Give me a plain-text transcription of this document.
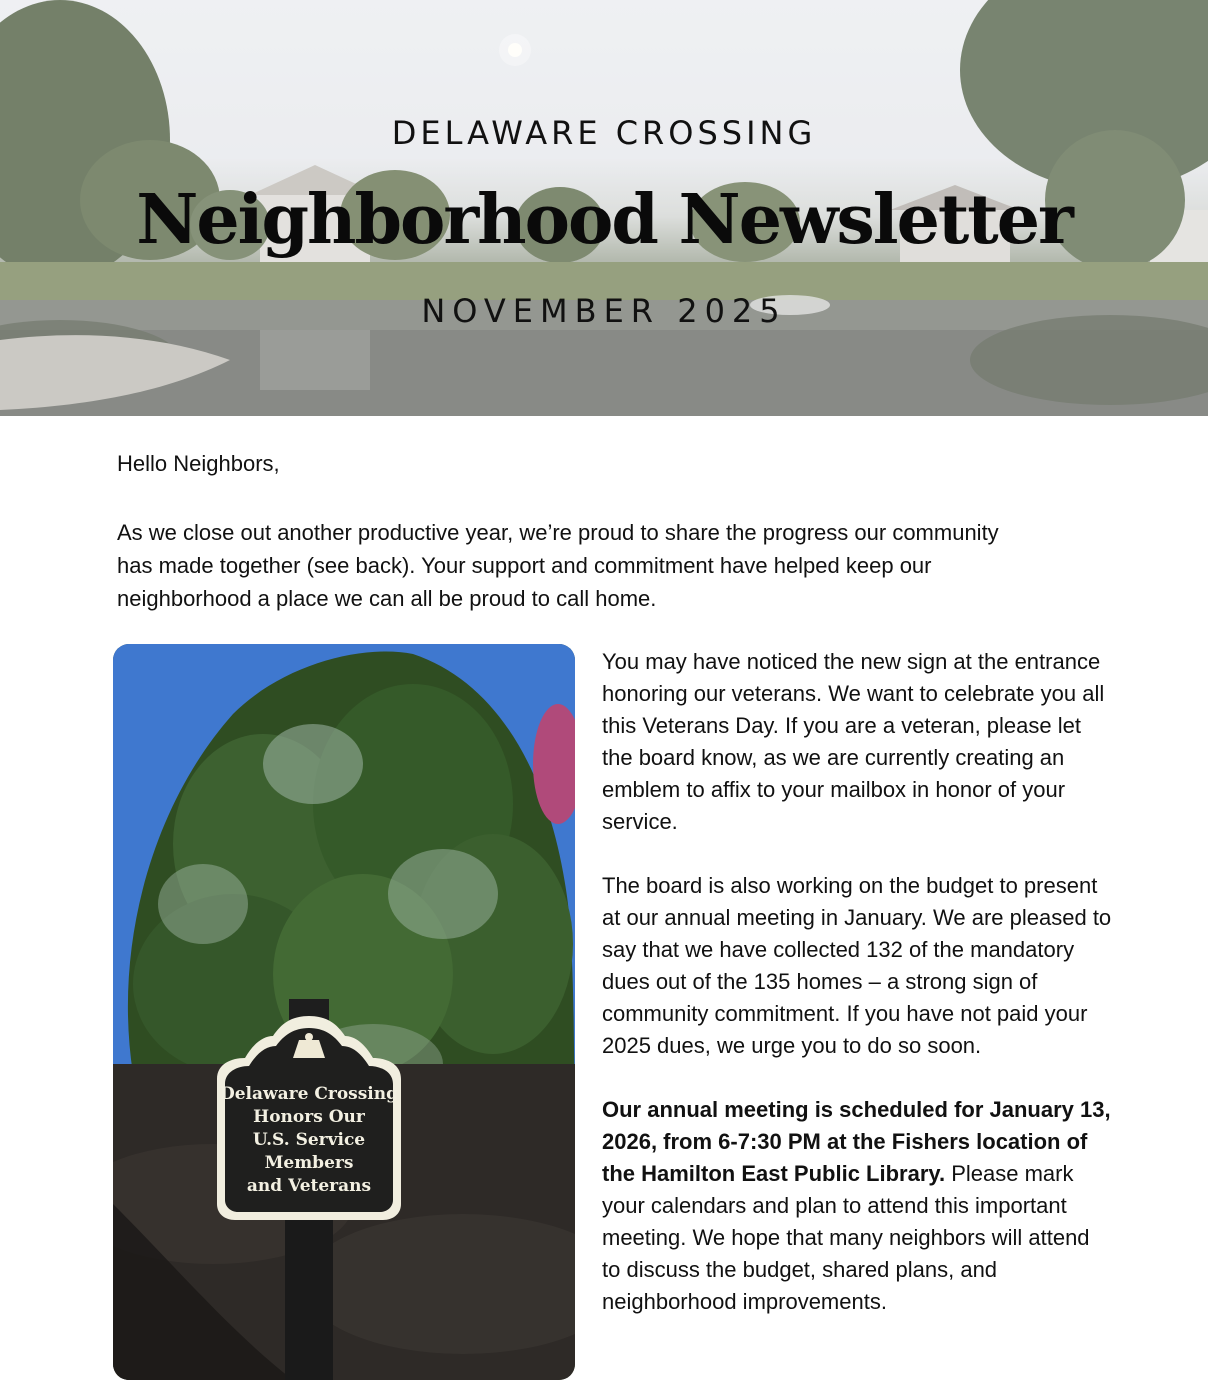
DELAWARE CROSSING
Neighborhood Newsletter
NOVEMBER 2025
Hello Neighbors,

As we close out another productive year, we’re proud to share the progress our community has made together (see back). Your support and commitment have helped keep our neighborhood a place we can all be proud to call home.

Delaware Crossing
Honors Our
U.S. Service
Members
and Veterans

You may have noticed the new sign at the entrance honoring our veterans. We want to celebrate you all this Veterans Day. If you are a veteran, please let the board know, as we are currently creating an emblem to affix to your mailbox in honor of your service.

The board is also working on the budget to present at our annual meeting in January. We are pleased to say that we have collected 132 of the mandatory dues out of the 135 homes – a strong sign of community commitment. If you have not paid your 2025 dues, we urge you to do so soon.

Our annual meeting is scheduled for January 13, 2026, from 6-7:30 PM at the Fishers location of the Hamilton East Public Library. Please mark your calendars and plan to attend this important meeting. We hope that many neighbors will attend to discuss the budget, shared plans, and neighborhood improvements.
